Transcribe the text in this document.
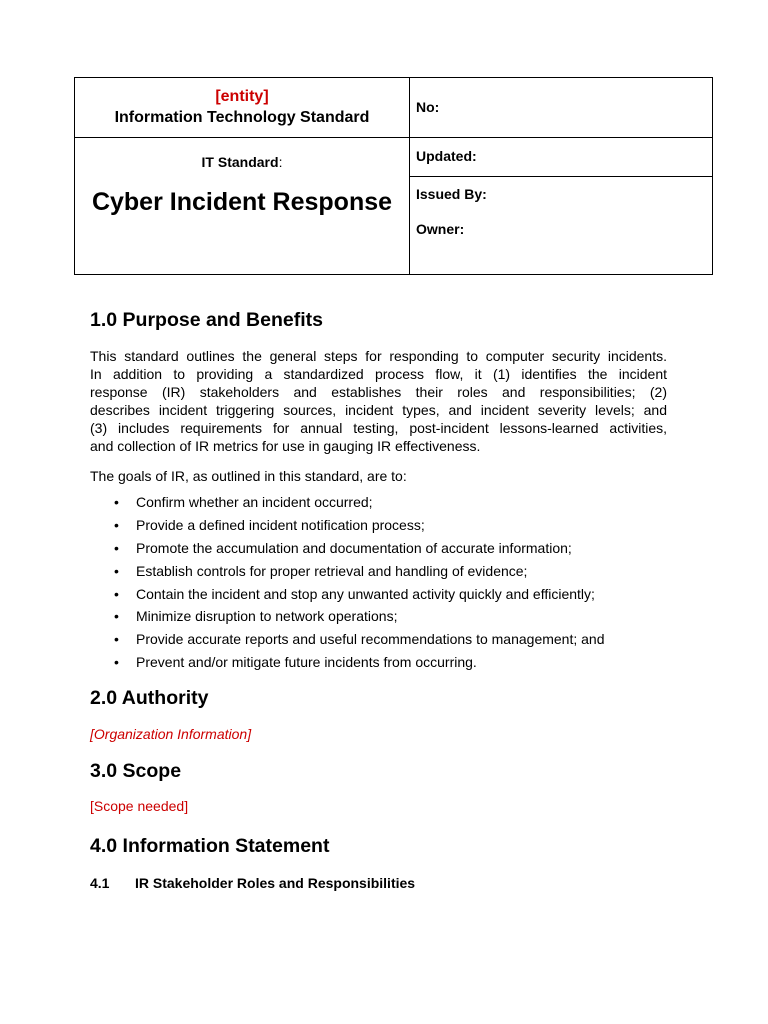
[entity]
Information Technology Standard
IT Standard:
Cyber Incident Response
No:
Updated:
Issued By:
Owner:
1.0 Purpose and Benefits
This standard outlines the general steps for responding to computer security incidents.
In addition to providing a standardized process flow, it (1) identifies the incident
response (IR) stakeholders and establishes their roles and responsibilities; (2)
describes incident triggering sources, incident types, and incident severity levels; and
(3) includes requirements for annual testing, post-incident lessons-learned activities,
and collection of IR metrics for use in gauging IR effectiveness.
The goals of IR, as outlined in this standard, are to:
• Confirm whether an incident occurred;
• Provide a defined incident notification process;
• Promote the accumulation and documentation of accurate information;
• Establish controls for proper retrieval and handling of evidence;
• Contain the incident and stop any unwanted activity quickly and efficiently;
• Minimize disruption to network operations;
• Provide accurate reports and useful recommendations to management; and
• Prevent and/or mitigate future incidents from occurring.
2.0 Authority
[Organization Information]
3.0 Scope
[Scope needed]
4.0 Information Statement
4.1 IR Stakeholder Roles and Responsibilities
